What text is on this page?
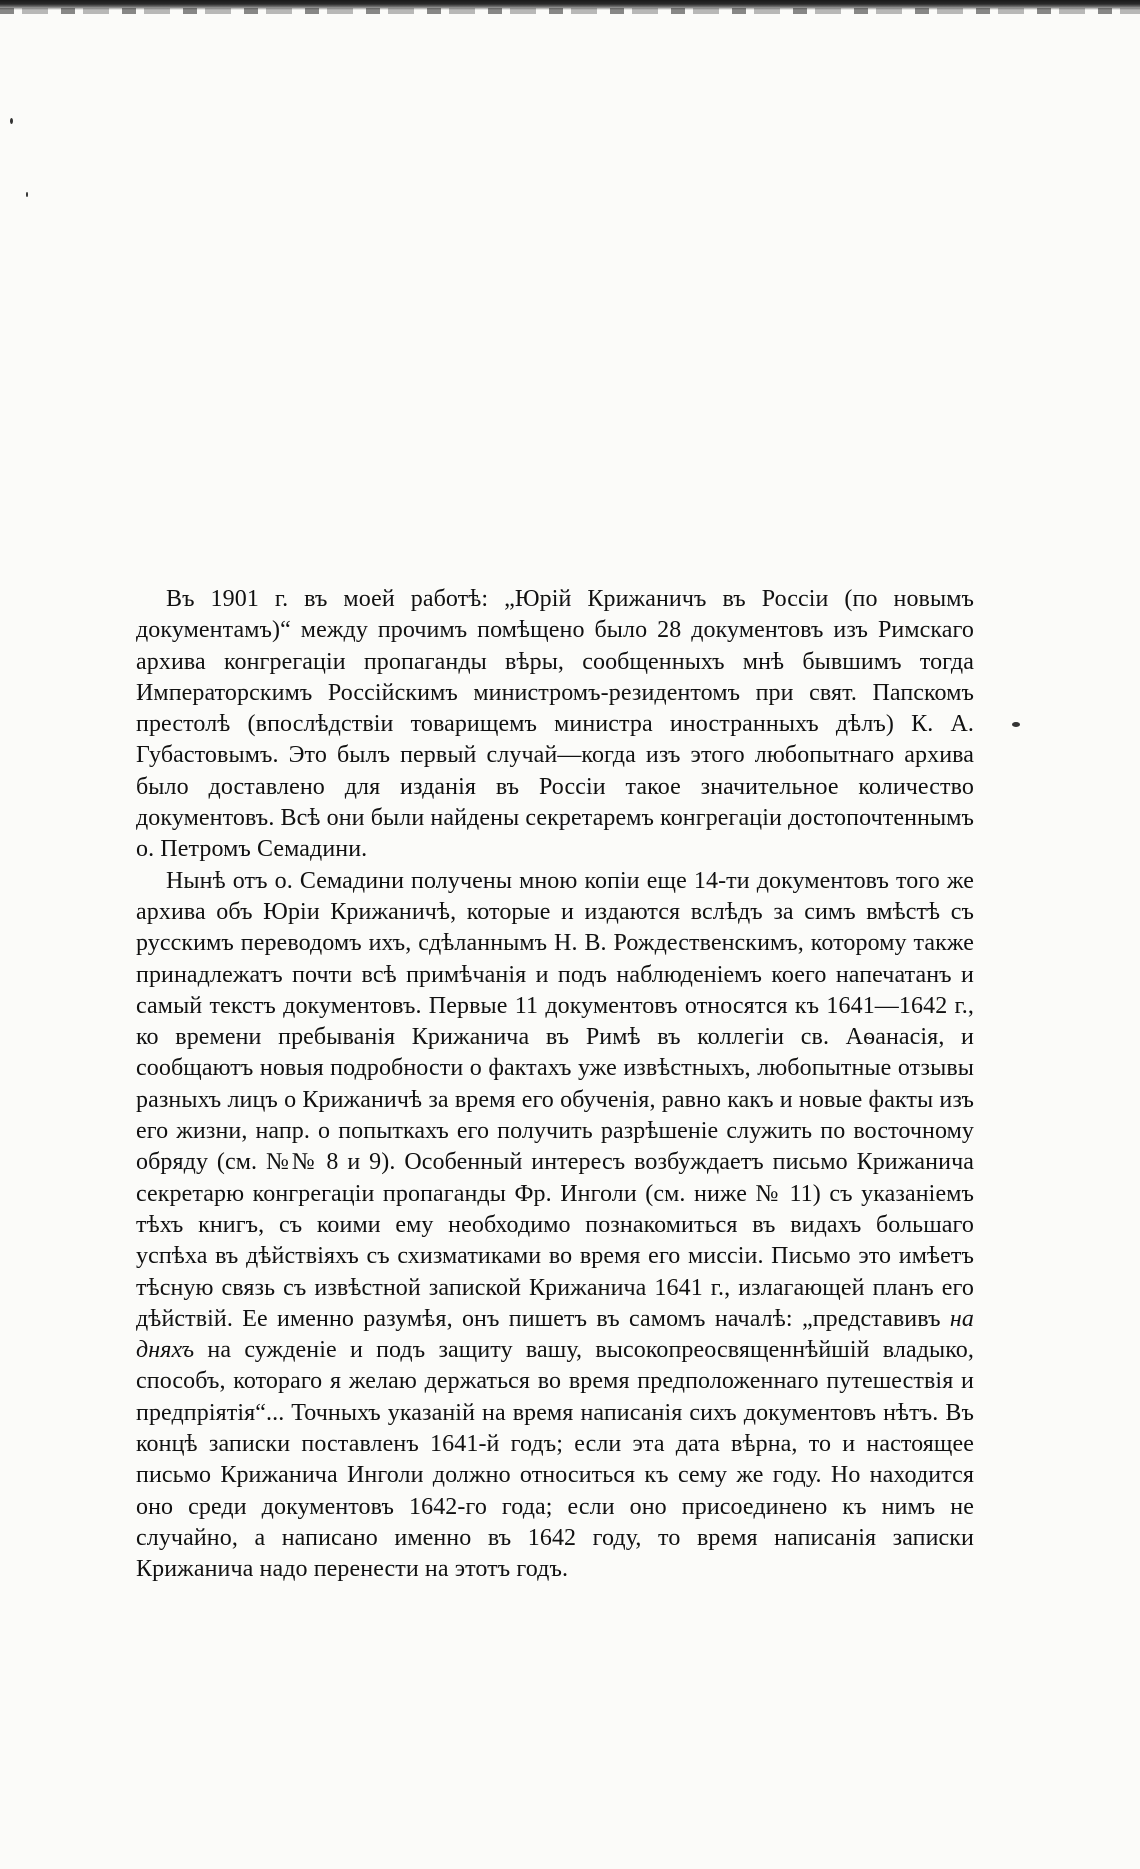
Въ 1901 г. въ моей работѣ: „Юрій Крижаничъ въ Россіи (по новымъ документамъ)“ между прочимъ помѣщено было 28 документовъ изъ Римскаго архива конгрегаціи пропаганды вѣры, сообщенныхъ мнѣ бывшимъ тогда Императорскимъ Россійскимъ министромъ-резидентомъ при свят. Папскомъ престолѣ (впослѣдствіи товарищемъ министра иностранныхъ дѣлъ) К. А. Губастовымъ. Это былъ первый случай—когда изъ этого любопытнаго архива было доставлено для изданія въ Россіи такое значительное количество документовъ. Всѣ они были найдены секретаремъ конгрегаціи достопочтеннымъ о. Петромъ Семадини.

Нынѣ отъ о. Семадини получены мною копіи еще 14-ти документовъ того же архива объ Юріи Крижаничѣ, которые и издаются вслѣдъ за симъ вмѣстѣ съ русскимъ переводомъ ихъ, сдѣланнымъ Н. В. Рождественскимъ, которому также принадлежатъ почти всѣ примѣчанія и подъ наблюденіемъ коего напечатанъ и самый текстъ документовъ. Первые 11 документовъ относятся къ 1641—1642 г., ко времени пребыванія Крижанича въ Римѣ въ коллегіи св. Аѳанасія, и сообщаютъ новыя подробности о фактахъ уже извѣстныхъ, любопытные отзывы разныхъ лицъ о Крижаничѣ за время его обученія, равно какъ и новые факты изъ его жизни, напр. о попыткахъ его получить разрѣшеніе служить по восточному обряду (см. №№ 8 и 9). Особенный интересъ возбуждаетъ письмо Крижанича секретарю конгрегаціи пропаганды Фр. Инголи (см. ниже № 11) съ указаніемъ тѣхъ книгъ, съ коими ему необходимо познакомиться въ видахъ большаго успѣха въ дѣйствіяхъ съ схизматиками во время его миссіи. Письмо это имѣетъ тѣсную связь съ извѣстной запиской Крижанича 1641 г., излагающей планъ его дѣйствій. Ее именно разумѣя, онъ пишетъ въ самомъ началѣ: „представивъ на дняхъ на сужденіе и подъ защиту вашу, высокопреосвященнѣйшій владыко, способъ, котораго я желаю держаться во время предположеннаго путешествія и предпріятія“... Точныхъ указаній на время написанія сихъ документовъ нѣтъ. Въ концѣ записки поставленъ 1641-й годъ; если эта дата вѣрна, то и настоящее письмо Крижанича Инголи должно относиться къ сему же году. Но находится оно среди документовъ 1642-го года; если оно присоединено къ нимъ не случайно, а написано именно въ 1642 году, то время написанія записки Крижанича надо перенести на этотъ годъ.
